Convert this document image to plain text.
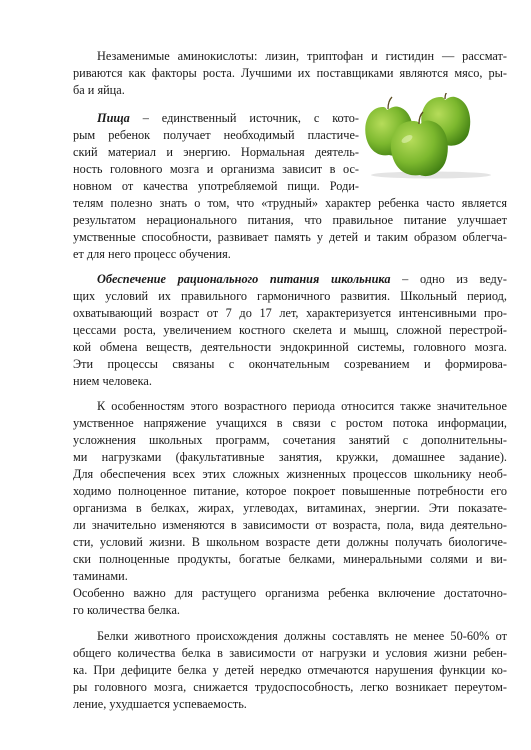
Незаменимые аминокислоты: лизин, триптофан и гистидин — рассмат-
риваются как факторы роста. Лучшими их поставщиками являются мясо, ры-
ба и яйца.
Пища – единственный источник, с кото-
рым ребенок получает необходимый пластиче-
ский материал и энергию. Нормальная деятель-
ность головного мозга и организма зависит в ос-
новном от качества употребляемой пищи. Роди-
телям полезно знать о том, что «трудный» характер ребенка часто является
результатом нерационального питания, что правильное питание улучшает
умственные способности, развивает память у детей и таким образом облегча-
ет для него процесс обучения.
Обеспечение рационального питания школьника – одно из веду-
щих условий их правильного гармоничного развития. Школьный период,
охватывающий возраст от 7 до 17 лет, характеризуется интенсивными про-
цессами роста, увеличением костного скелета и мышц, сложной перестрой-
кой обмена веществ, деятельности эндокринной системы, головного мозга.
Эти процессы связаны с окончательным созреванием и формирова-
нием человека.
К особенностям этого возрастного периода относится также значительное
умственное напряжение учащихся в связи с ростом потока информации,
усложнения школьных программ, сочетания занятий с дополнительны-
ми нагрузками (факультативные занятия, кружки, домашнее задание).
Для обеспечения всех этих сложных жизненных процессов школьнику необ-
ходимо полноценное питание, которое покроет повышенные потребности его
организма в белках, жирах, углеводах, витаминах, энергии. Эти показате-
ли значительно изменяются в зависимости от возраста, пола, вида деятельно-
сти, условий жизни. В школьном возрасте дети должны получать биологиче-
ски полноценные продукты, богатые белками, минеральными солями и ви-
таминами.
Особенно важно для растущего организма ребенка включение достаточно-
го количества белка.
Белки животного происхождения должны составлять не менее 50-60% от
общего количества белка в зависимости от нагрузки и условия жизни ребен-
ка. При дефиците белка у детей нередко отмечаются нарушения функции ко-
ры головного мозга, снижается трудоспособность, легко возникает переутом-
ление, ухудшается успеваемость.
